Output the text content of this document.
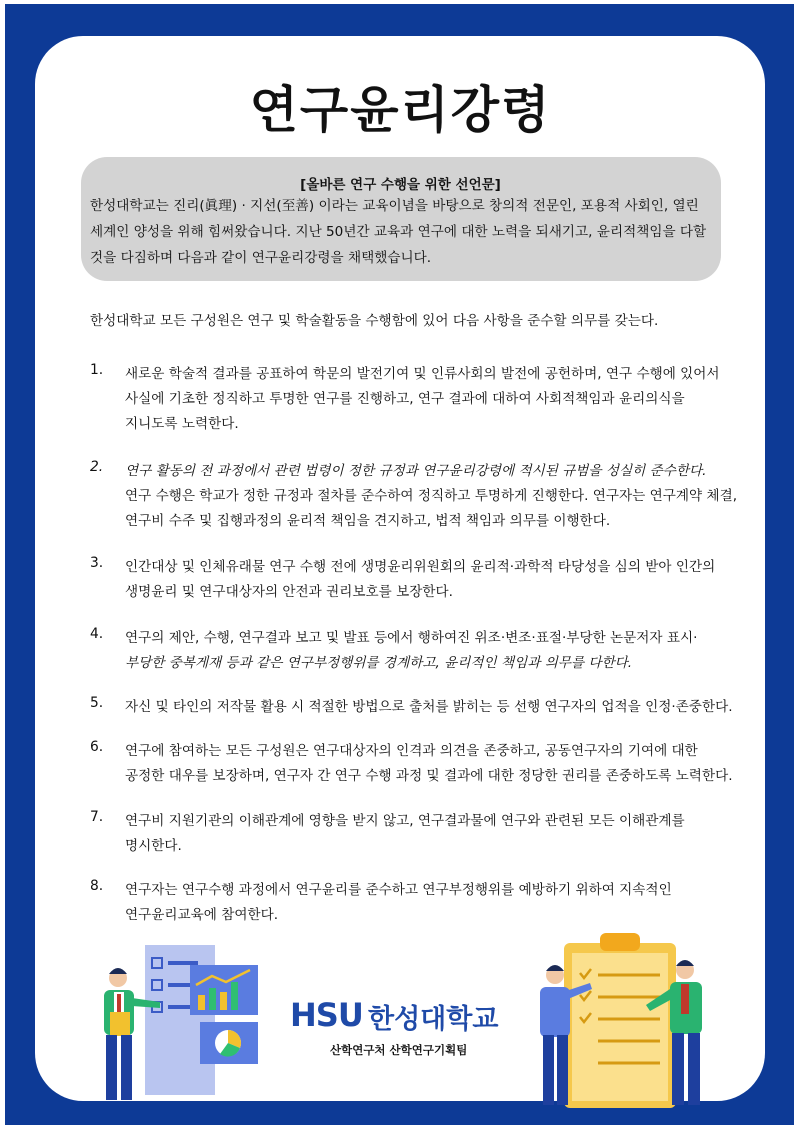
연구윤리강령
[올바른 연구 수행을 위한 선언문]
한성대학교는 진리(眞理) · 지선(至善) 이라는 교육이념을 바탕으로 창의적 전문인, 포용적 사회인, 열린
세계인 양성을 위해 힘써왔습니다. 지난 50년간 교육과 연구에 대한 노력을 되새기고, 윤리적책임을 다할
것을 다짐하며 다음과 같이 연구윤리강령을 채택했습니다.
한성대학교 모든 구성원은 연구 및 학술활동을 수행함에 있어 다음 사항을 준수할 의무를 갖는다.
1. 새로운 학술적 결과를 공표하여 학문의 발전기여 및 인류사회의 발전에 공헌하며, 연구 수행에 있어서

사실에 기초한 정직하고 투명한 연구를 진행하고, 연구 결과에 대하여 사회적책임과 윤리의식을

지니도록 노력한다.

2. 연구 활동의 전 과정에서 관련 법령이 정한 규정과 연구윤리강령에 적시된 규범을 성실히 준수한다.

연구 수행은 학교가 정한 규정과 절차를 준수하여 정직하고 투명하게 진행한다. 연구자는 연구계약 체결,

연구비 수주 및 집행과정의 윤리적 책임을 견지하고, 법적 책임과 의무를 이행한다.

3. 인간대상 및 인체유래물 연구 수행 전에 생명윤리위원회의 윤리적·과학적 타당성을 심의 받아 인간의

생명윤리 및 연구대상자의 안전과 권리보호를 보장한다.

4. 연구의 제안, 수행, 연구결과 보고 및 발표 등에서 행하여진 위조·변조·표절·부당한 논문저자 표시·

부당한 중복게재 등과 같은 연구부정행위를 경계하고, 윤리적인 책임과 의무를 다한다.

5. 자신 및 타인의 저작물 활용 시 적절한 방법으로 출처를 밝히는 등 선행 연구자의 업적을 인정·존중한다.

6. 연구에 참여하는 모든 구성원은 연구대상자의 인격과 의견을 존중하고, 공동연구자의 기여에 대한

공정한 대우를 보장하며, 연구자 간 연구 수행 과정 및 결과에 대한 정당한 권리를 존중하도록 노력한다.

7. 연구비 지원기관의 이해관계에 영향을 받지 않고, 연구결과물에 연구와 관련된 모든 이해관계를

명시한다.

8. 연구자는 연구수행 과정에서 연구윤리를 준수하고 연구부정행위를 예방하기 위하여 지속적인

연구윤리교육에 참여한다.

HSU 한성대학교
산학연구처 산학연구기획팀
